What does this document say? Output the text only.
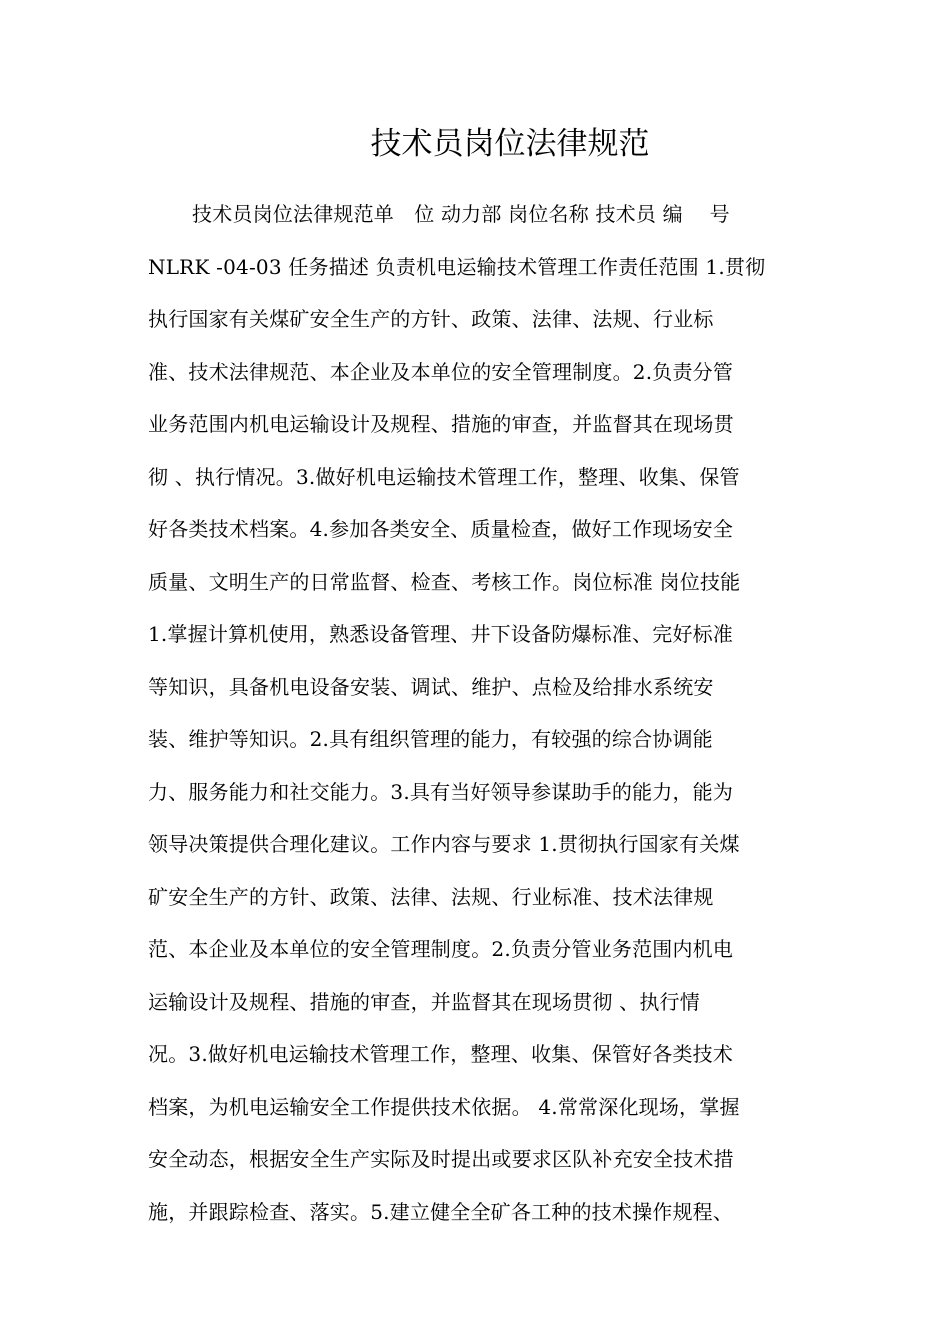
技术员岗位法律规范
技术员岗位法律规范单　位 动力部 岗位名称 技术员 编　 号
NLRK -04-03 任务描述 负责机电运输技术管理工作责任范围 1.贯彻
执行国家有关煤矿安全生产的方针、政策、法律、法规、行业标
准、技术法律规范、本企业及本单位的安全管理制度。2.负责分管
业务范围内机电运输设计及规程、措施的审查，并监督其在现场贯
彻 、执行情况。3.做好机电运输技术管理工作，整理、收集、保管
好各类技术档案。4.参加各类安全、质量检查，做好工作现场安全
质量、文明生产的日常监督、检查、考核工作。岗位标准 岗位技能
1.掌握计算机使用，熟悉设备管理、井下设备防爆标准、完好标准
等知识，具备机电设备安装、调试、维护、点检及给排水系统安
装、维护等知识。2.具有组织管理的能力，有较强的综合协调能
力、服务能力和社交能力。3.具有当好领导参谋助手的能力，能为
领导决策提供合理化建议。工作内容与要求 1.贯彻执行国家有关煤
矿安全生产的方针、政策、法律、法规、行业标准、技术法律规
范、本企业及本单位的安全管理制度。2.负责分管业务范围内机电
运输设计及规程、措施的审查，并监督其在现场贯彻 、执行情
况。3.做好机电运输技术管理工作，整理、收集、保管好各类技术
档案，为机电运输安全工作提供技术依据。 4.常常深化现场，掌握
安全动态，根据安全生产实际及时提出或要求区队补充安全技术措
施，并跟踪检查、落实。5.建立健全全矿各工种的技术操作规程、
